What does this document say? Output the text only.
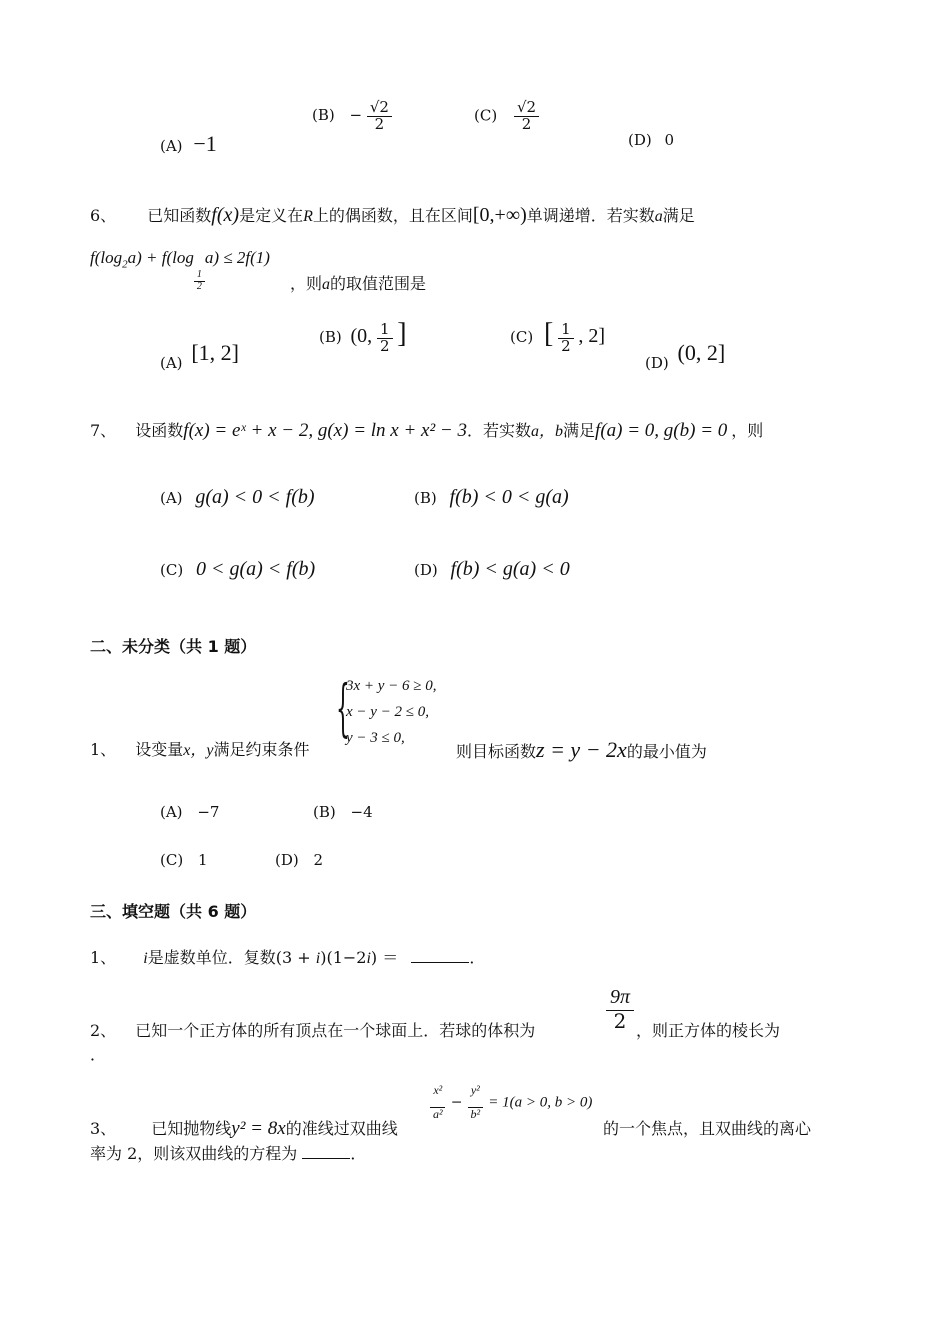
(A) −1
$(B) - \frac{√2}{2}$	$(C) \frac{√2}{2}$
(D) 0
6、 已知函数f(x)是定义在R上的偶函数，且在区间[0,+∞)单调递增．若实数a满足
$f(\log_2a) + f(\log$
$\frac{1}{2}$
a) ≤ 2f(1)
，则a的取值范围是
(A) [1, 2]
(B) (0, $\frac{1}{2}$ ]	(C) [ $\frac{1}{2}$ , 2]
(D) (0, 2]
7、 设函数f(x) = eˣ + x − 2, g(x) = ln x + x² − 3．若实数a，b满足f(a) = 0, g(b) = 0 ，则
(A) g(a) < 0 < f(b)	(B) f(b) < 0 < g(a)
(C) 0 < g(a) < f(b)	(D) f(b) < g(a) < 0
二、未分类（共 1 题）
{
3x + y − 6 ≥ 0,
x − y − 2 ≤ 0,
y − 3 ≤ 0,
1、 设变量x，y满足约束条件	则目标函数z = y − 2x的最小值为
(A) −7	(B) −4
(C) 1	(D) 2
三、填空题（共 6 题）
1、 i是虚数单位．复数(3 + i)(1−2i) ＝	．
$\frac{9\pi}{2}$
2、 已知一个正方体的所有顶点在一个球面上．若球的体积为	，则正方体的棱长为
．
$\frac{\text{x²}}{\text{a²}} - \frac{\text{y²}}{\text{b²}} = 1(a > 0$, b > 0)
3、 已知抛物线y² = 8x的准线过双曲线	的一个焦点，且双曲线的离心
率为 2，则该双曲线的方程为	．
